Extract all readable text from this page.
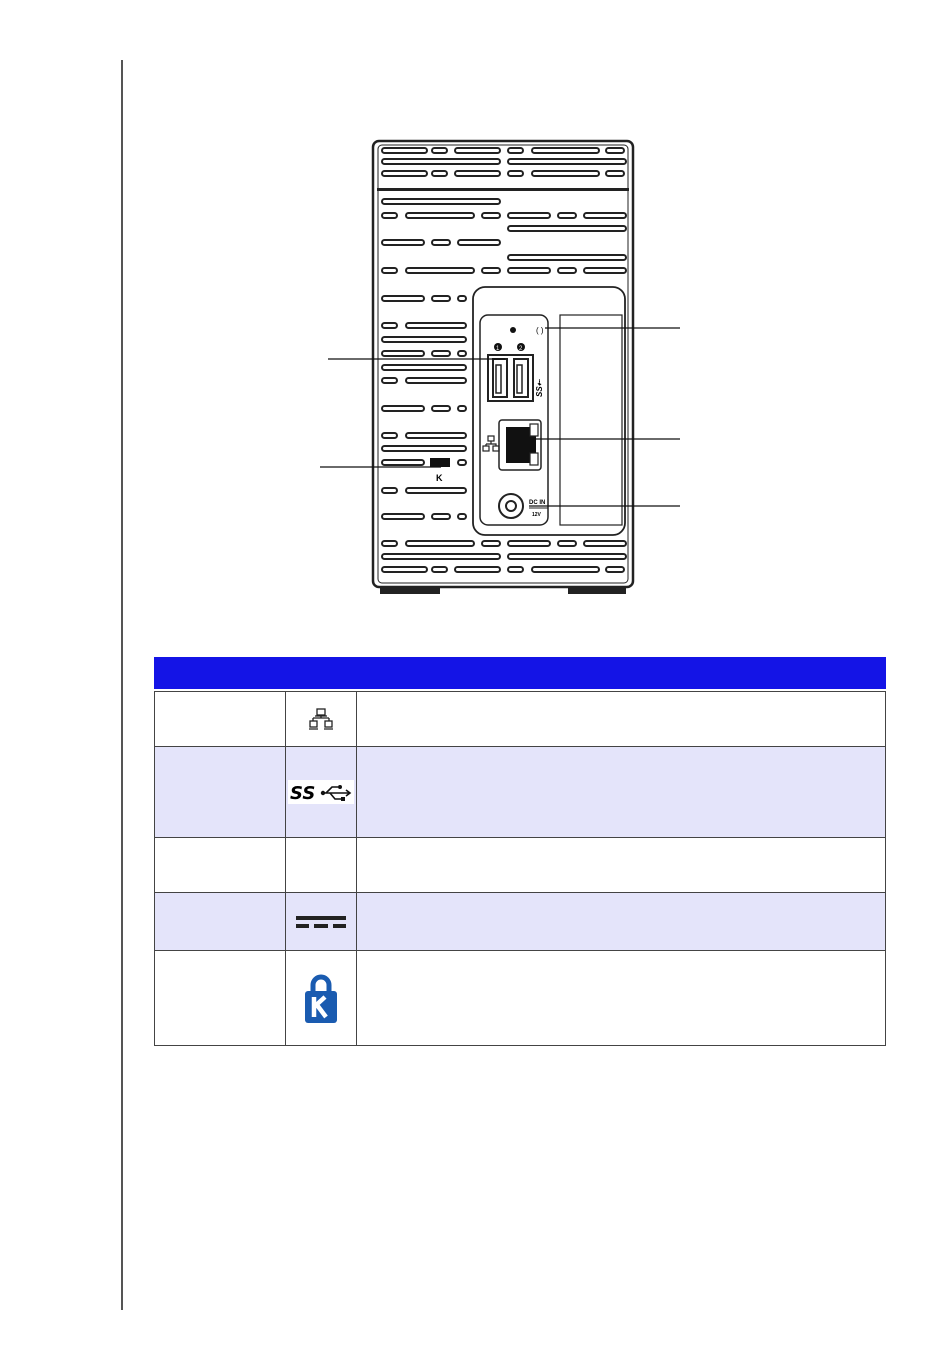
K
( )
1	2
SS⇠
DC IN
12V

SS	
